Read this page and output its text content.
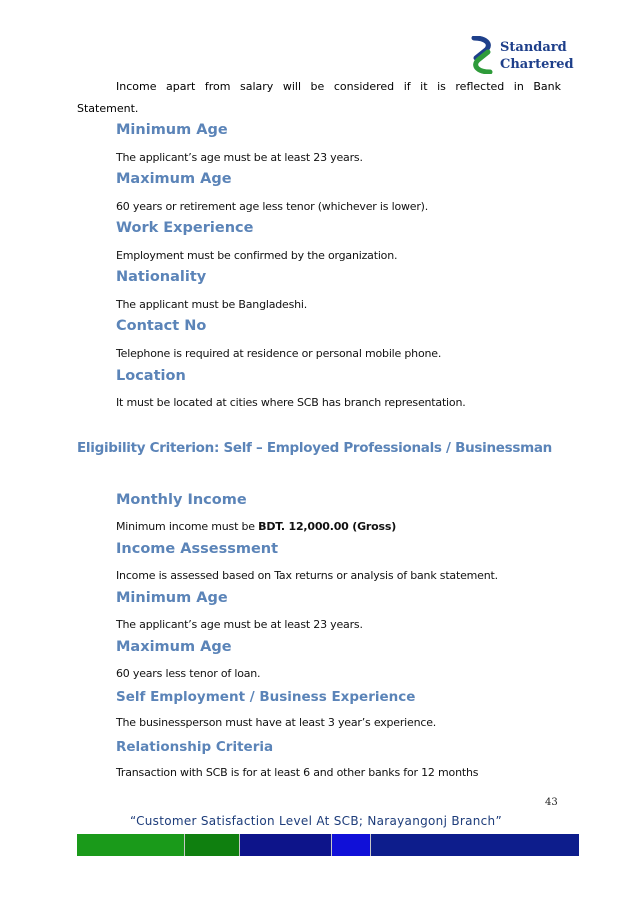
Standard
Chartered
Income apart from salary will be considered if it is reflected in Bank
Statement.
Minimum Age
The applicant’s age must be at least 23 years.
Maximum Age
60 years or retirement age less tenor (whichever is lower).
Work Experience
Employment must be confirmed by the organization.
Nationality
The applicant must be Bangladeshi.
Contact No
Telephone is required at residence or personal mobile phone.
Location
It must be located at cities where SCB has branch representation.
Eligibility Criterion: Self – Employed Professionals / Businessman
Monthly Income
Minimum income must be BDT. 12,000.00 (Gross)
Income Assessment
Income is assessed based on Tax returns or analysis of bank statement.
Minimum Age
The applicant’s age must be at least 23 years.
Maximum Age
60 years less tenor of loan.
Self Employment / Business Experience
The businessperson must have at least 3 year’s experience.
Relationship Criteria
Transaction with SCB is for at least 6 and other banks for 12 months
43
“Customer Satisfaction Level At SCB; Narayangonj Branch”
